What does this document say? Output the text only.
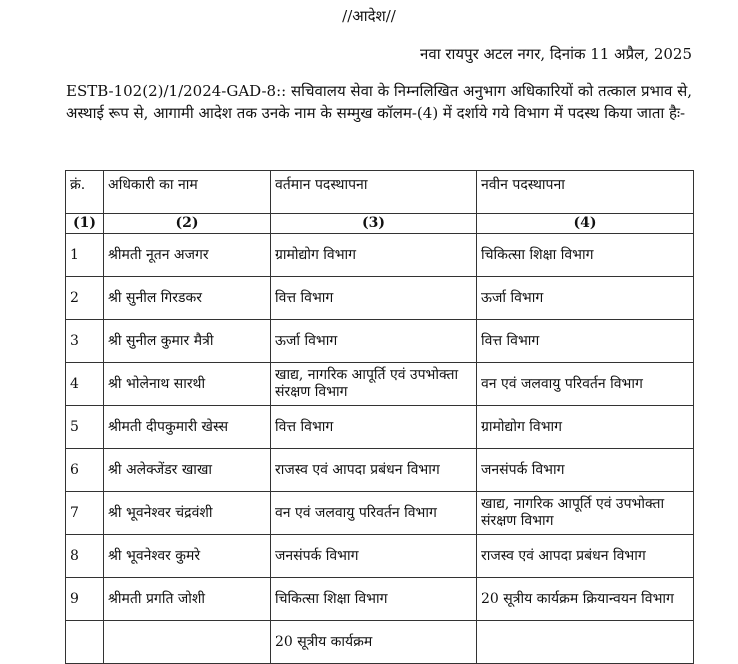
//आदेश//
नवा रायपुर अटल नगर, दिनांक 11 अप्रैल, 2025

ESTB-102(2)/1/2024-GAD-8:: सचिवालय सेवा के निम्नलिखित अनुभाग अधिकारियों को तत्काल प्रभाव से, अस्थाई रूप से, आगामी आदेश तक उनके नाम के सम्मुख कॉलम-(4) में दर्शाये गये विभाग में पदस्थ किया जाता हैः-

क्रं.	अधिकारी का नाम	वर्तमान पदस्थापना	नवीन पदस्थापना
(1)	(2)	(3)	(4)
1	श्रीमती नूतन अजगर	ग्रामोद्योग विभाग	चिकित्सा शिक्षा विभाग
2	श्री सुनील गिरडकर	वित्त विभाग	ऊर्जा विभाग
3	श्री सुनील कुमार मैत्री	ऊर्जा विभाग	वित्त विभाग
4	श्री भोलेनाथ सारथी	खाद्य, नागरिक आपूर्ति एवं उपभोक्ता संरक्षण विभाग	वन एवं जलवायु परिवर्तन विभाग
5	श्रीमती दीपकुमारी खेस्स	वित्त विभाग	ग्रामोद्योग विभाग
6	श्री अलेक्जेंडर खाखा	राजस्व एवं आपदा प्रबंधन विभाग	जनसंपर्क विभाग
7	श्री भूवनेश्वर चंद्रवंशी	वन एवं जलवायु परिवर्तन विभाग	खाद्य, नागरिक आपूर्ति एवं उपभोक्ता संरक्षण विभाग
8	श्री भूवनेश्वर कुमरे	जनसंपर्क विभाग	राजस्व एवं आपदा प्रबंधन विभाग
9	श्रीमती प्रगति जोशी	चिकित्सा शिक्षा विभाग	20 सूत्रीय कार्यक्रम क्रियान्वयन विभाग
		20 सूत्रीय कार्यक्रम	
